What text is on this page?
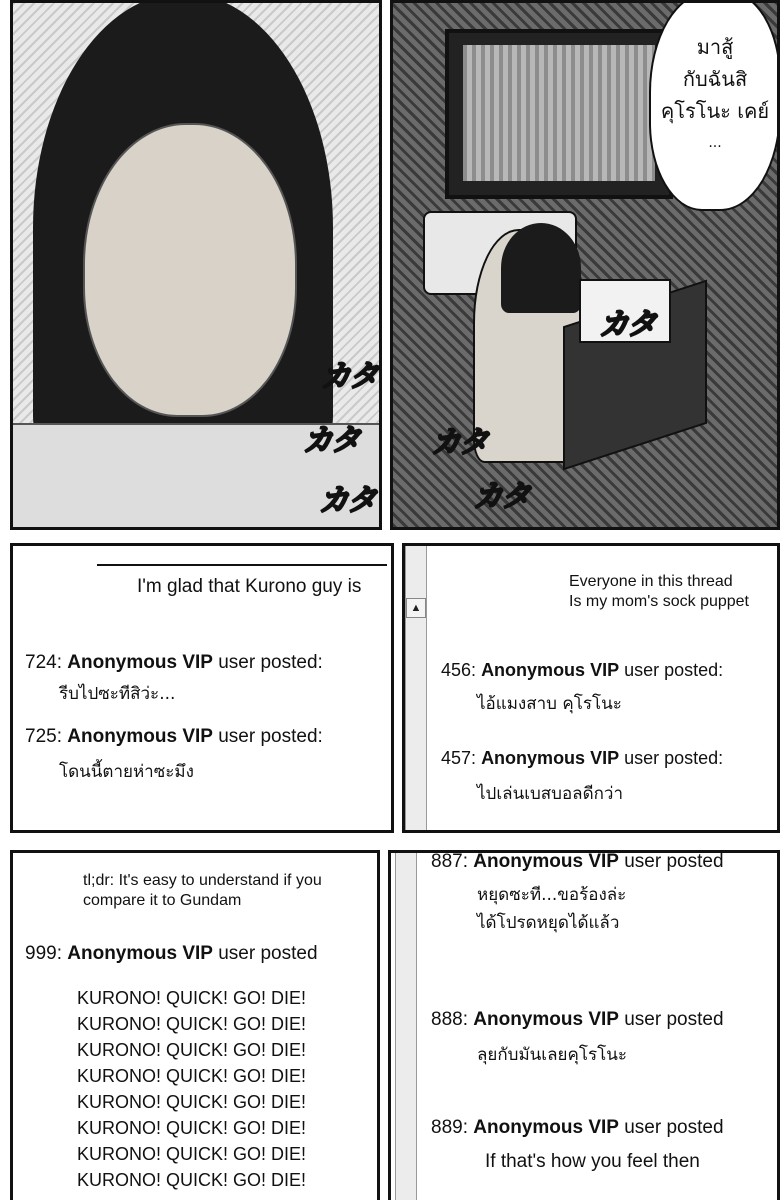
カタ
カタ
カタ
カタ
カタ
カタ
มาสู้
กับฉันสิ
คุโรโนะ เคย์
...
I'm glad that Kurono guy is
724: Anonymous VIP user posted:
รีบไปซะทีสิว่ะ...
725: Anonymous VIP user posted:
โดนนี้ตายห่าซะมึง
▲
Everyone in this thread
Is my mom's sock puppet
456: Anonymous VIP user posted:
ไอ้แมงสาบ คุโรโนะ
457: Anonymous VIP user posted:
ไปเล่นเบสบอลดีกว่า
tl;dr: It's easy to understand if you
compare it to Gundam
999: Anonymous VIP user posted
KURONO! QUICK! GO! DIE!
KURONO! QUICK! GO! DIE!
KURONO! QUICK! GO! DIE!
KURONO! QUICK! GO! DIE!
KURONO! QUICK! GO! DIE!
KURONO! QUICK! GO! DIE!
KURONO! QUICK! GO! DIE!
KURONO! QUICK! GO! DIE!
887: Anonymous VIP user posted
หยุดซะที...ขอร้องล่ะ
ได้โปรดหยุดได้แล้ว
888: Anonymous VIP user posted
ลุยกับมันเลยคุโรโนะ
889: Anonymous VIP user posted
If that's how you feel then
